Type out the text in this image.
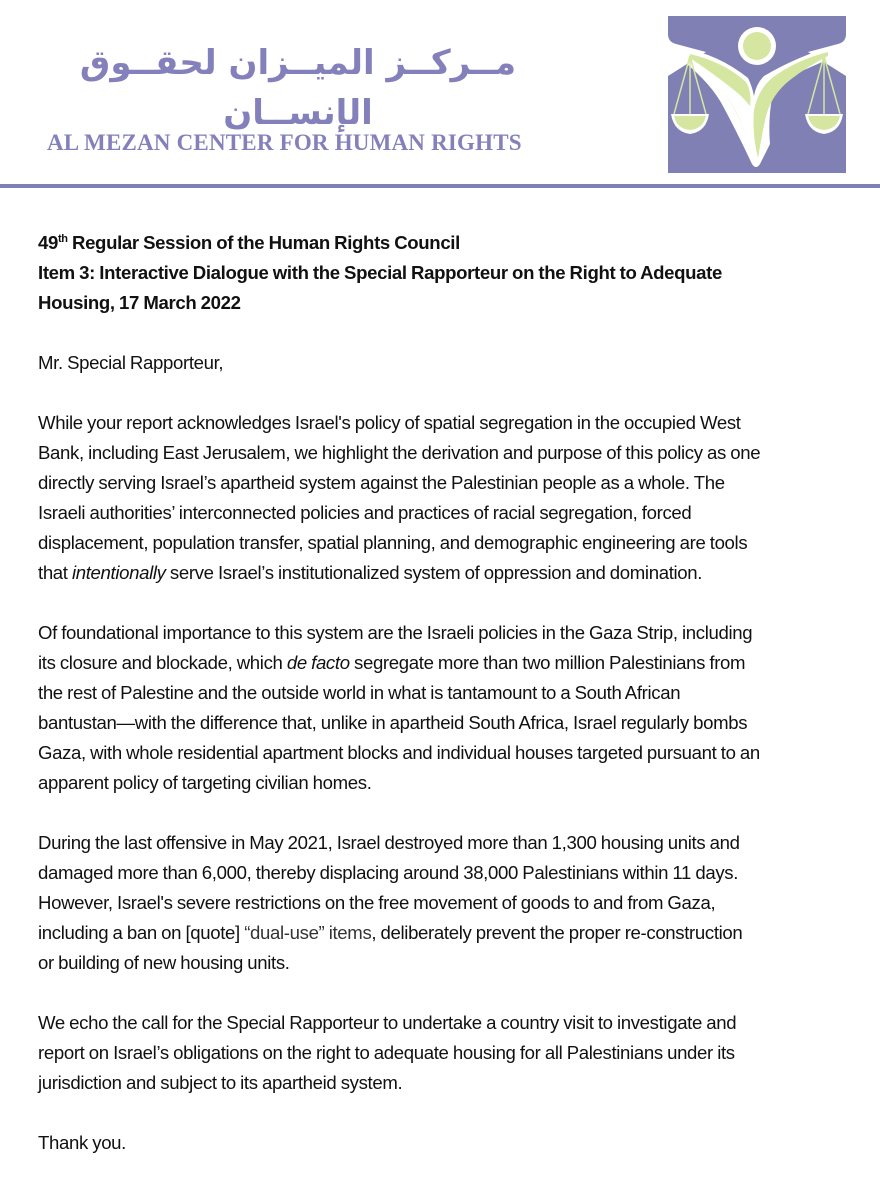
مــركــز الميــزان لحقــوق الإنســان
AL MEZAN CENTER FOR HUMAN RIGHTS
49th Regular Session of the Human Rights Council
Item 3: Interactive Dialogue with the Special Rapporteur on the Right to Adequate
Housing, 17 March 2022

Mr. Special Rapporteur,

While your report acknowledges Israel's policy of spatial segregation in the occupied West
Bank, including East Jerusalem, we highlight the derivation and purpose of this policy as one
directly serving Israel’s apartheid system against the Palestinian people as a whole. The
Israeli authorities’ interconnected policies and practices of racial segregation, forced
displacement, population transfer, spatial planning, and demographic engineering are tools
that intentionally serve Israel’s institutionalized system of oppression and domination.

Of foundational importance to this system are the Israeli policies in the Gaza Strip, including
its closure and blockade, which de facto segregate more than two million Palestinians from
the rest of Palestine and the outside world in what is tantamount to a South African
bantustan—with the difference that, unlike in apartheid South Africa, Israel regularly bombs
Gaza, with whole residential apartment blocks and individual houses targeted pursuant to an
apparent policy of targeting civilian homes.

During the last offensive in May 2021, Israel destroyed more than 1,300 housing units and
damaged more than 6,000, thereby displacing around 38,000 Palestinians within 11 days.
However, Israel's severe restrictions on the free movement of goods to and from Gaza,
including a ban on [quote] “dual-use” items, deliberately prevent the proper re-construction
or building of new housing units.

We echo the call for the Special Rapporteur to undertake a country visit to investigate and
report on Israel’s obligations on the right to adequate housing for all Palestinians under its
jurisdiction and subject to its apartheid system.

Thank you.
